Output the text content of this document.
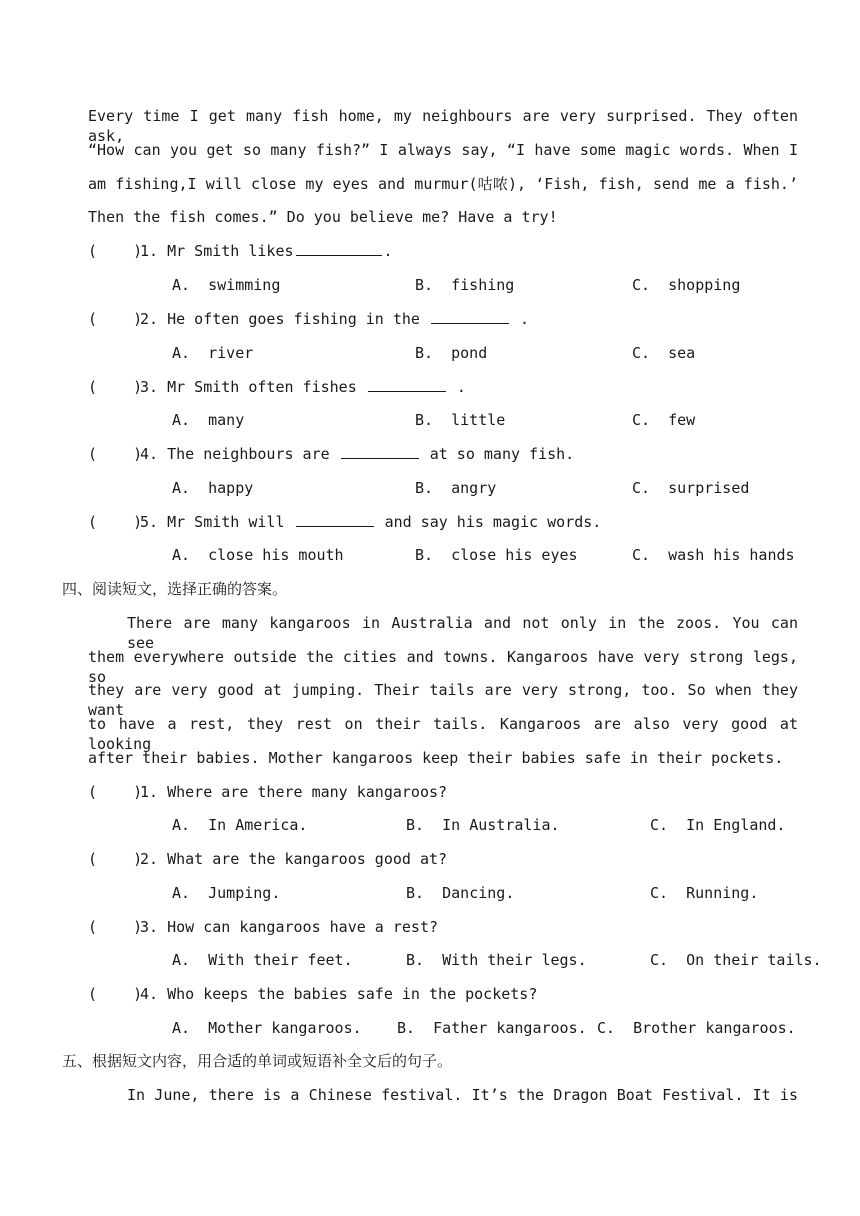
Every time I get many fish home, my neighbours are very surprised. They often ask,
“How can you get so many fish?” I always say, “I have some magic words. When I
am fishing,I will close my eyes and murmur(咕哝), ‘Fish, fish, send me a fish.’
Then the fish comes.” Do you believe me? Have a try!
(    )
1. Mr Smith likes	.
A.  swimming	B.  fishing	C.  shopping
(    )
2. He often goes fishing in the	.
A.  river	B.  pond	C.  sea
(    )
3. Mr Smith often fishes	.
A.  many	B.  little	C.  few
(    )
4. The neighbours are	at so many fish.
A.  happy	B.  angry	C.  surprised
(    )
5. Mr Smith will	and say his magic words.
A.  close his mouth	B.  close his eyes	C.  wash his hands
四、阅读短文，选择正确的答案。
There are many kangaroos in Australia and not only in the zoos. You can see
them everywhere outside the cities and towns. Kangaroos have very strong legs, so
they are very good at jumping. Their tails are very strong, too. So when they want
to have a rest, they rest on their tails. Kangaroos are also very good at looking
after their babies. Mother kangaroos keep their babies safe in their pockets.
(    )
1. Where are there many kangaroos?
A.  In America.	B.  In Australia.	C.  In England.
(    )
2. What are the kangaroos good at?
A.  Jumping.	B.  Dancing.	C.  Running.
(    )
3. How can kangaroos have a rest?
A.  With their feet.	B.  With their legs.	C.  On their tails.
(    )
4. Who keeps the babies safe in the pockets?
A.  Mother kangaroos. B.  Father kangaroos. C.  Brother kangaroos.
五、根据短文内容，用合适的单词或短语补全文后的句子。
In June, there is a Chinese festival. It’s the Dragon Boat Festival. It is
